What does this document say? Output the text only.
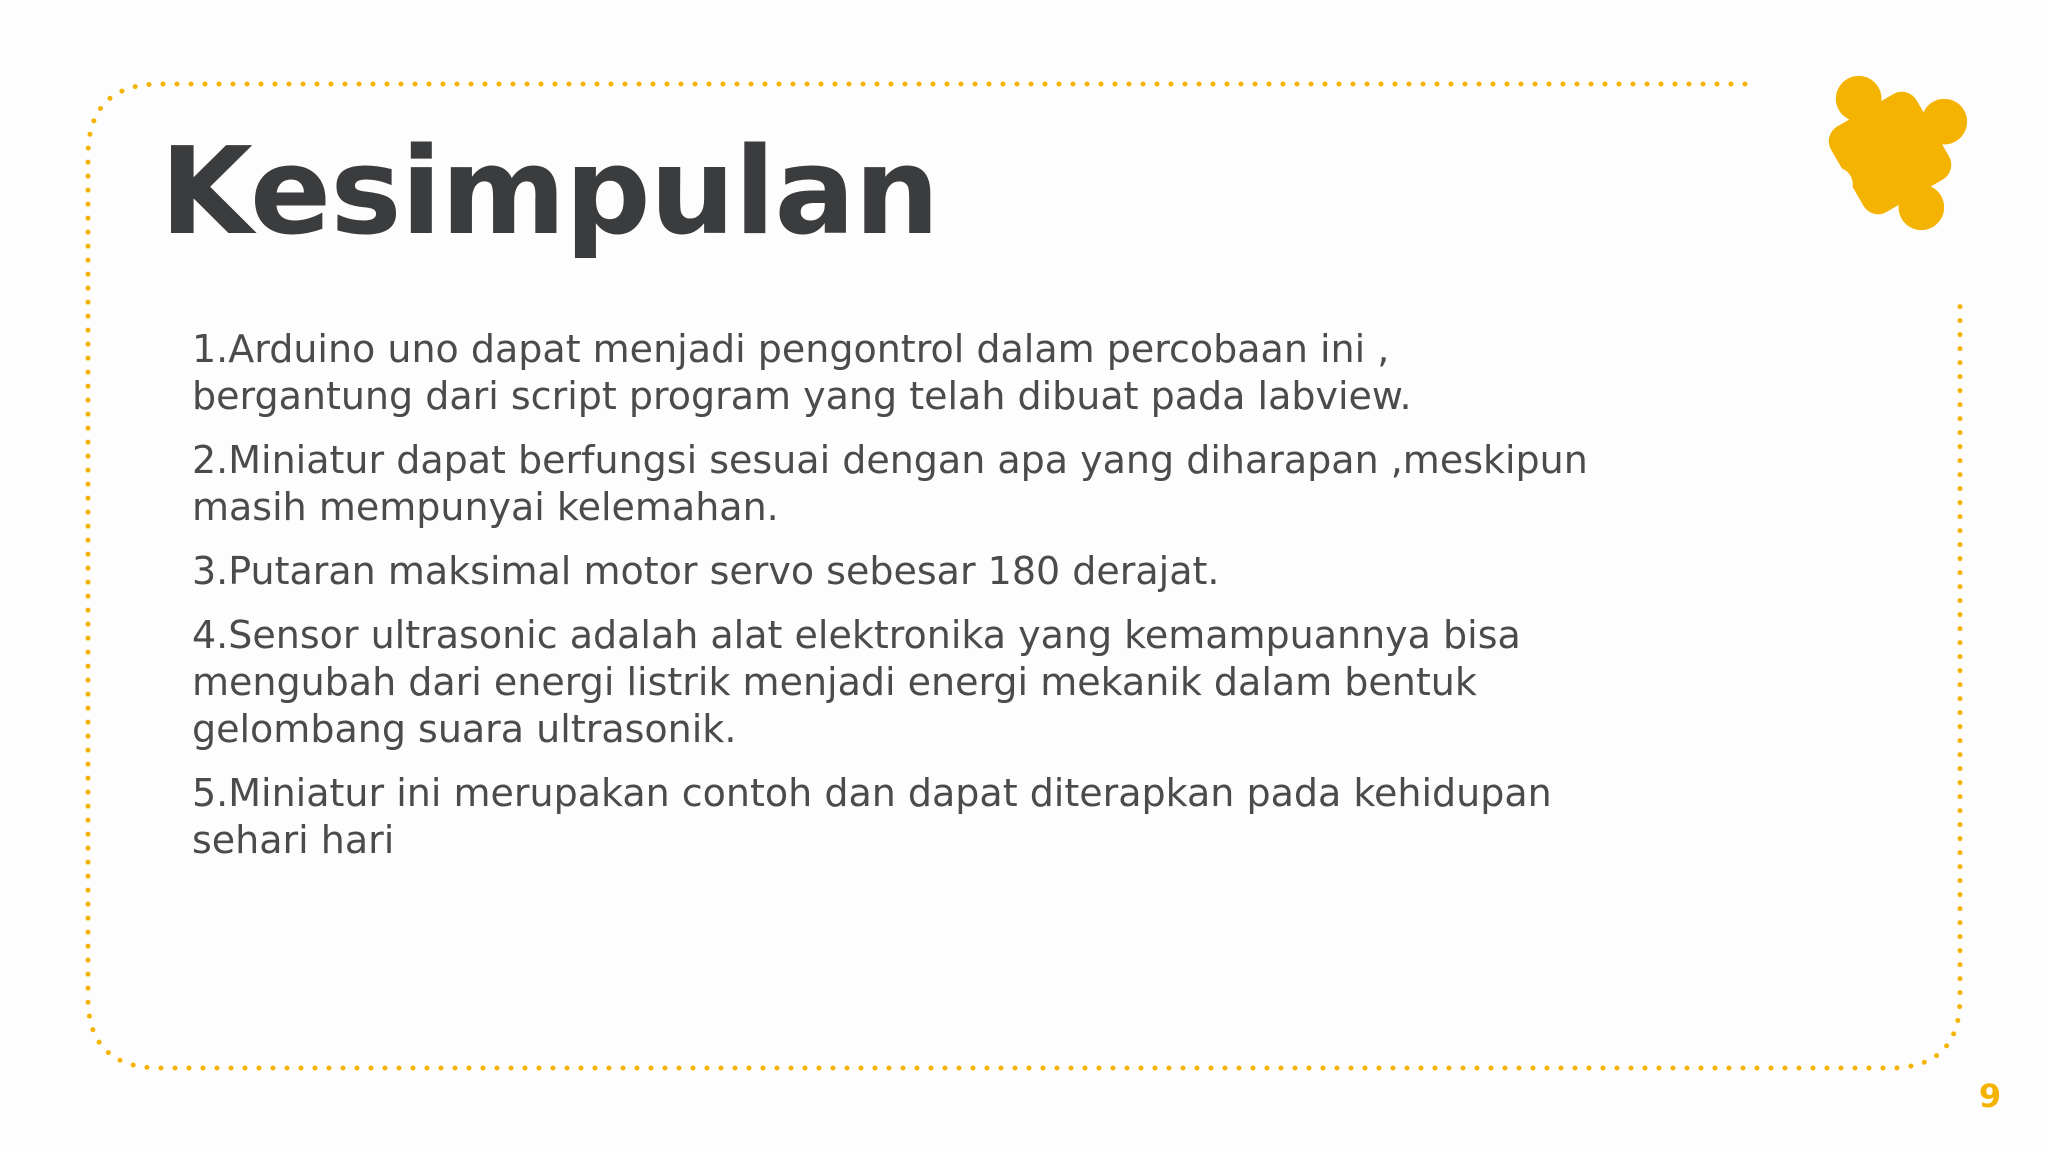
Kesimpulan

1.Arduino uno dapat menjadi pengontrol dalam percobaan ini , bergantung dari script program yang telah dibuat pada labview.

2.Miniatur dapat berfungsi sesuai dengan apa yang diharapan ,meskipun masih mempunyai kelemahan.

3.Putaran maksimal motor servo sebesar 180 derajat.

4.Sensor ultrasonic adalah alat elektronika yang kemampuannya bisa mengubah dari energi listrik menjadi energi mekanik dalam bentuk gelombang suara ultrasonik.

5.Miniatur ini merupakan contoh dan dapat diterapkan pada kehidupan sehari hari

9
